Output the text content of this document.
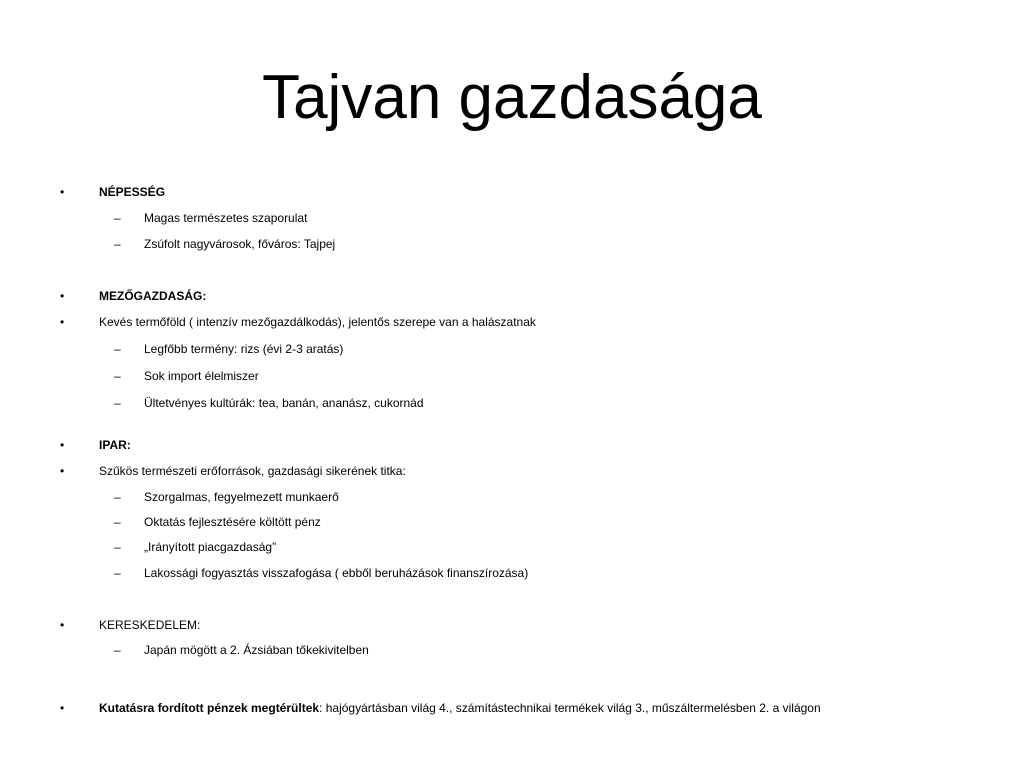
Tajvan gazdasága
•	NÉPESSÉG
–	Magas természetes szaporulat
–	Zsúfolt nagyvárosok, főváros: Tajpej
•	MEZŐGAZDASÁG:
•	Kevés termőföld ( intenzív mezőgazdálkodás), jelentős szerepe van a halászatnak
–	Legfőbb termény: rizs (évi 2-3 aratás)
–	Sok import élelmiszer
–	Ültetvényes kultúrák: tea, banán, ananász, cukornád
•	IPAR:
•	Szűkös természeti erőforrások, gazdasági sikerének titka:
–	Szorgalmas, fegyelmezett munkaerő
–	Oktatás fejlesztésére költött pénz
–	„Irányított piacgazdaság”
–	Lakossági fogyasztás visszafogása ( ebből beruházások finanszírozása)
•	KERESKEDELEM:
–	Japán mögött a 2. Ázsiában tőkekivitelben
•	Kutatásra fordított pénzek megtérültek: hajógyártásban világ 4., számítástechnikai termékek világ 3., műszáltermelésben 2. a világon
